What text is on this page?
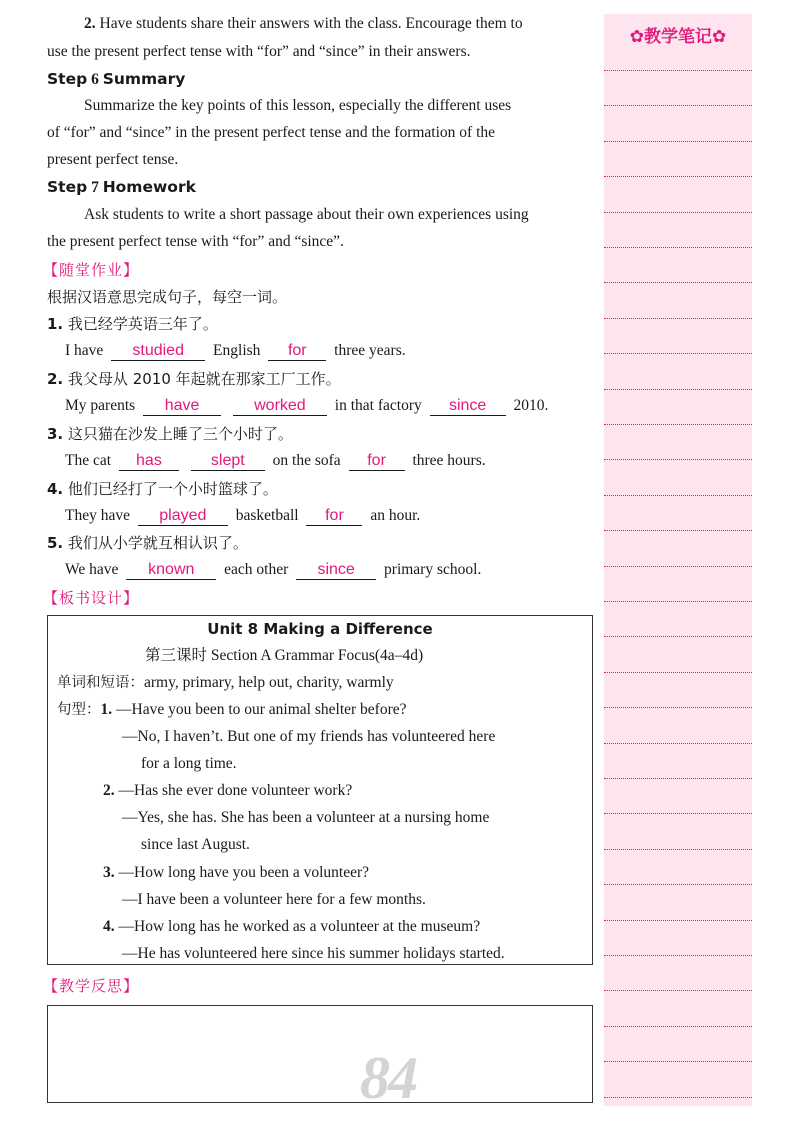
2. Have students share their answers with the class. Encourage them to
use the present perfect tense with “for” and “since” in their answers.
Step 6 Summary
Summarize the key points of this lesson, especially the different uses
of “for” and “since” in the present perfect tense and the formation of the
present perfect tense.
Step 7 Homework
Ask students to write a short passage about their own experiences using
the present perfect tense with “for” and “since”.
【随堂作业】
根据汉语意思完成句子，每空一词。
1. 我已经学英语三年了。
I have studied English for three years.
2. 我父母从 2010 年起就在那家工厂工作。
My parents have	worked in that factory since 2010.
3. 这只猫在沙发上睡了三个小时了。
The cat has	slept on the sofa for three hours.
4. 他们已经打了一个小时篮球了。
They have played basketball for an hour.
5. 我们从小学就互相认识了。
We have known each other since primary school.
【板书设计】
Unit 8 Making a Difference
第三课时 Section A Grammar Focus(4a–4d)
单词和短语：army, primary, help out, charity, warmly
句型：1. —Have you been to our animal shelter before?
—No, I haven’t. But one of my friends has volunteered here
for a long time.
2. —Has she ever done volunteer work?
—Yes, she has. She has been a volunteer at a nursing home
since last August.
3. —How long have you been a volunteer?
—I have been a volunteer here for a few months.
4. —How long has he worked as a volunteer at the museum?
—He has volunteered here since his summer holidays started.
【教学反思】
84
✿教学笔记✿
